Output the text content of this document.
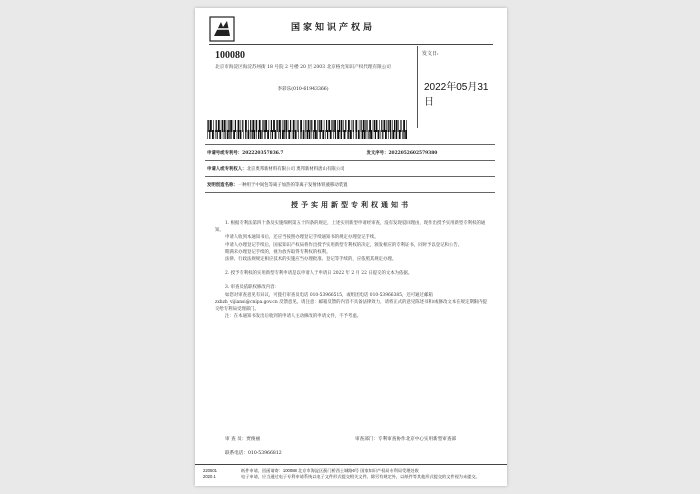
国家知识产权局
100080
北京市海淀区海淀苏州街 18 号院 2 号楼 20 层 2003 北京格允知识产权代理有限公司
李彩乐(010-61943366)
发文日:
2022年05月31日
申请号或专利号：202220357836.7	发文序号：2022052602579380
申请人或专利权人：北京奥邦新材料有限公司 奥邦新材料唐山有限公司
发明创造名称：一种用于中间包等离子加热的等离子发射体铁液移动装置
授予实用新型专利权通知书

1. 根据专利法第四十条及实施细则第五十四条的规定，上述实用新型申请经审查，没有发现驳回理由，现作出授予实用新型专利权的通知。

申请人收到本通知书后，还应当按照办理登记手续通知书的规定办理登记手续。

申请人办理登记手续后，国家知识产权局将作出授予实用新型专利权的决定，颁发相应的专利证书，同时予以登记和公告。

期满未办理登记手续的，视为放弃取得专利权的权利。

法律、行政法规规定相应技术的实施应当办理批准、登记等手续的，应依照其规定办理。

2. 授予专利权的实用新型专利申请是以申请人于申请日 2022 年 2 月 22 日提交的文本为依据。

3. 审查员依职权修改内容：

如您对审查意见有异议，可拨打审查员电话 010-53966515，或组团电话 010-53966385，还可通过邮箱 zxhzh_vijiansi@cnipa.gov.cn 反馈意见。请注意：邮箱反馈的内容不具备法律效力，请将正式的意见陈述书和/或修改文本在规定期限内提交给专利局受理部门。

注：在本通知书发出后收到的申请人主动修改的申请文件，不予考虑。

审 查 员：贾俊丽	审查部门：专利审查协作北京中心实用新型审查部
联系电话：010-53966812
220501
2020.1
纸件申请，回函请寄：100088 北京市海淀区蓟门桥西土城路6号 国家知识产权局专利局受理处收
电子申请，应当通过电子专利申请系统以电子文件形式提交相关文件。除另有规定外，以纸件等其他形式提交的文件视为未提交。
